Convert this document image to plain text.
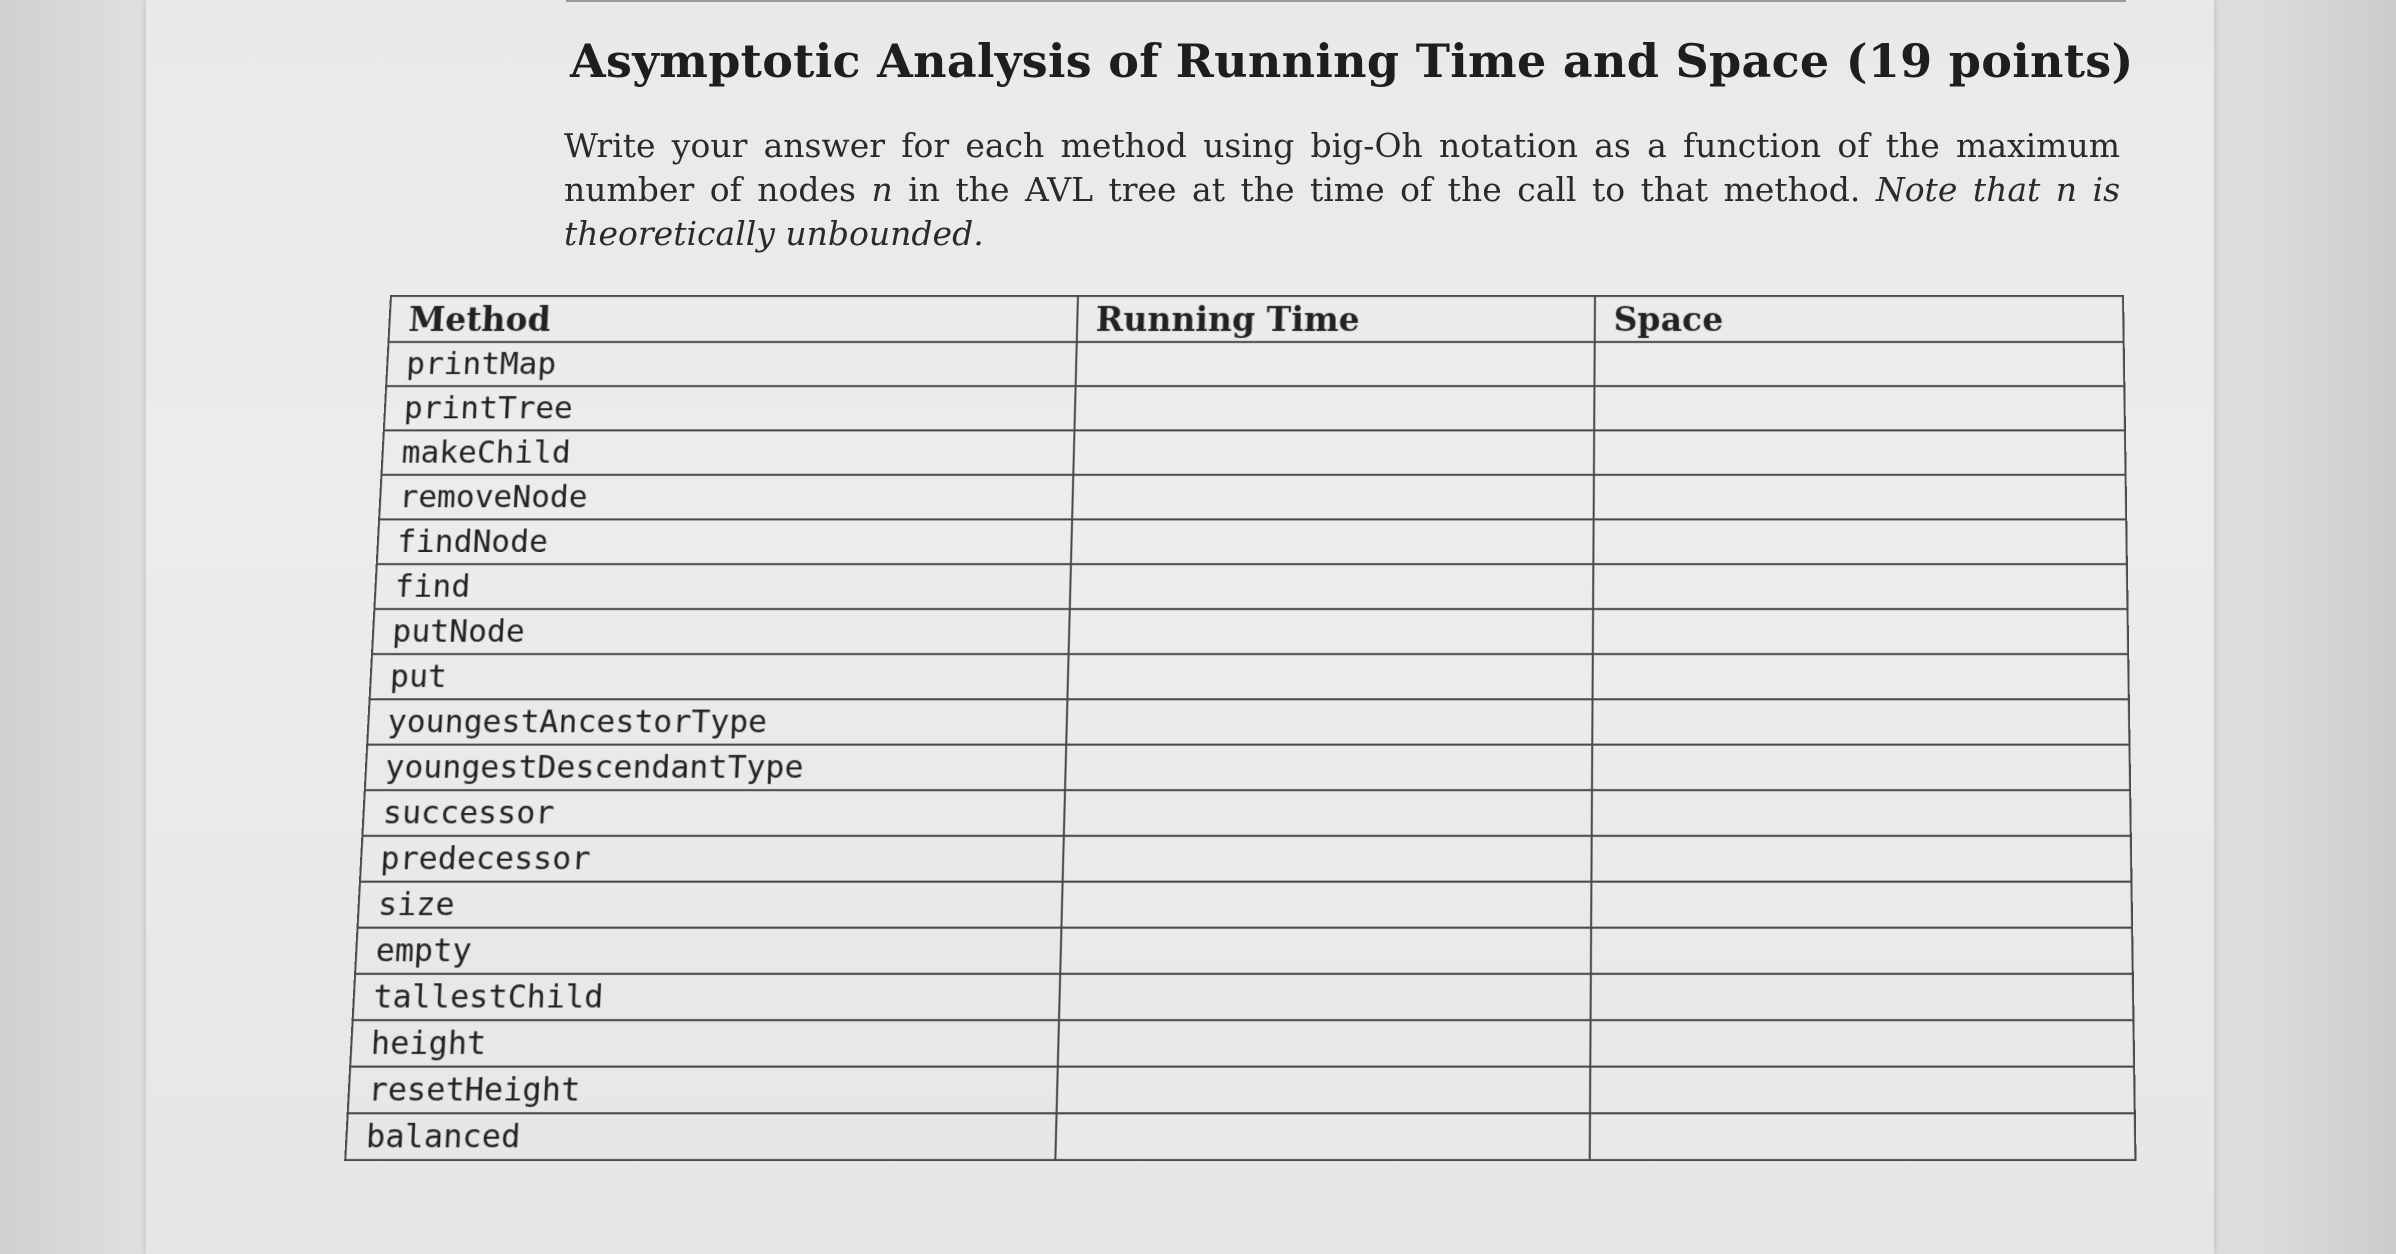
Asymptotic Analysis of Running Time and Space (19 points)

Write your answer for each method using big-Oh notation as a function of the maximum number of nodes n in the AVL tree at the time of the call to that method. Note that n is theoretically unbounded.

Method	Running Time	Space
printMap		
printTree		
makeChild		
removeNode		
findNode		
find		
putNode		
put		
youngestAncestorType		
youngestDescendantType		
successor		
predecessor		
size		
empty		
tallestChild		
height		
resetHeight		
balanced		
